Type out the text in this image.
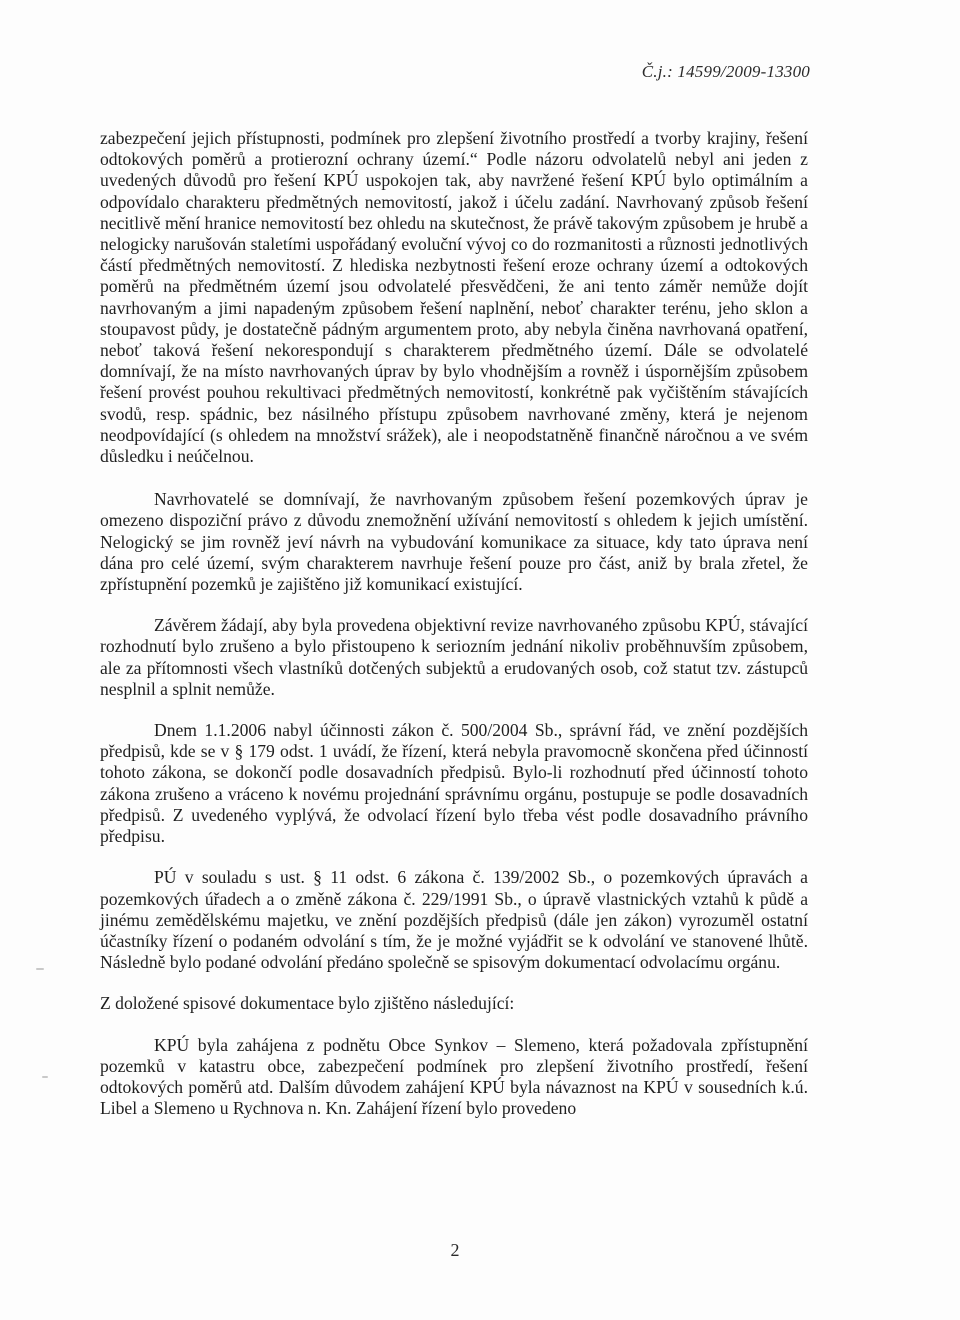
Č.j.: 14599/2009-13300

zabezpečení jejich přístupnosti, podmínek pro zlepšení životního prostředí a tvorby krajiny, řešení odtokových poměrů a protierozní ochrany území.“ Podle názoru odvolatelů nebyl ani jeden z uvedených důvodů pro řešení KPÚ uspokojen tak, aby navržené řešení KPÚ bylo optimálním a odpovídalo charakteru předmětných nemovitostí, jakož i účelu zadání. Navrhovaný způsob řešení necitlivě mění hranice nemovitostí bez ohledu na skutečnost, že právě takovým způsobem je hrubě a nelogicky narušován staletími uspořádaný evoluční vývoj co do rozmanitosti a různosti jednotlivých částí předmětných nemovitostí. Z hlediska nezbytnosti řešení eroze ochrany území a odtokových poměrů na předmětném území jsou odvolatelé přesvědčeni, že ani tento záměr nemůže dojít navrhovaným a jimi napadeným způsobem řešení naplnění, neboť charakter terénu, jeho sklon a stoupavost půdy, je dostatečně pádným argumentem proto, aby nebyla činěna navrhovaná opatření, neboť taková řešení nekorespondují s charakterem předmětného území. Dále se odvolatelé domnívají, že na místo navrhovaných úprav by bylo vhodnějším a rovněž i úspornějším způsobem řešení provést pouhou rekultivaci předmětných nemovitostí, konkrétně pak vyčištěním stávajících svodů, resp. spádnic, bez násilného přístupu způsobem navrhované změny, která je nejenom neodpovídající (s ohledem na množství srážek), ale i neopodstatněně finančně náročnou a ve svém důsledku i neúčelnou.

Navrhovatelé se domnívají, že navrhovaným způsobem řešení pozemkových úprav je omezeno dispoziční právo z důvodu znemožnění užívání nemovitostí s ohledem k jejich umístění. Nelogický se jim rovněž jeví návrh na vybudování komunikace za situace, kdy tato úprava není dána pro celé území, svým charakterem navrhuje řešení pouze pro část, aniž by brala zřetel, že zpřístupnění pozemků je zajištěno již komunikací existující.

Závěrem žádají, aby byla provedena objektivní revize navrhovaného způsobu KPÚ, stávající rozhodnutí bylo zrušeno a bylo přistoupeno k seriozním jednání nikoliv proběhnuvším způsobem, ale za přítomnosti všech vlastníků dotčených subjektů a erudovaných osob, což statut tzv. zástupců nesplnil a splnit nemůže.

Dnem 1.1.2006 nabyl účinnosti zákon č. 500/2004 Sb., správní řád, ve znění pozdějších předpisů, kde se v § 179 odst. 1 uvádí, že řízení, která nebyla pravomocně skončena před účinností tohoto zákona, se dokončí podle dosavadních předpisů. Bylo-li rozhodnutí před účinností tohoto zákona zrušeno a vráceno k novému projednání správnímu orgánu, postupuje se podle dosavadních předpisů. Z uvedeného vyplývá, že odvolací řízení bylo třeba vést podle dosavadního právního předpisu.

PÚ v souladu s ust. § 11 odst. 6 zákona č. 139/2002 Sb., o pozemkových úpravách a pozemkových úřadech a o změně zákona č. 229/1991 Sb., o úpravě vlastnických vztahů k půdě a jinému zemědělskému majetku, ve znění pozdějších předpisů (dále jen zákon) vyrozuměl ostatní účastníky řízení o podaném odvolání s tím, že je možné vyjádřit se k odvolání ve stanovené lhůtě. Následně bylo podané odvolání předáno společně se spisovým dokumentací odvolacímu orgánu.

Z doložené spisové dokumentace bylo zjištěno následující:

KPÚ byla zahájena z podnětu Obce Synkov – Slemeno, která požadovala zpřístupnění pozemků v katastru obce, zabezpečení podmínek pro zlepšení životního prostředí, řešení odtokových poměrů atd. Dalším důvodem zahájení KPÚ byla návaznost na KPÚ v sousedních k.ú. Libel a Slemeno u Rychnova n. Kn. Zahájení řízení bylo provedeno

2
